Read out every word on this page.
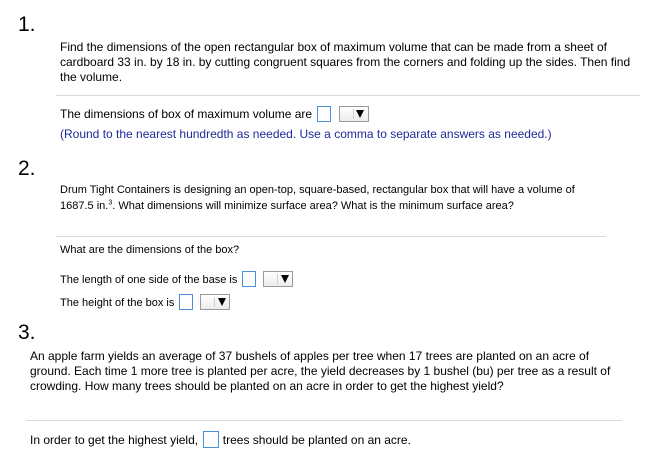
1.

Find the dimensions of the open rectangular box of maximum volume that can be made from a sheet of cardboard 33 in. by 18 in. by cutting congruent squares from the corners and folding up the sides. Then find the volume.

The dimensions of box of maximum volume are
(Round to the nearest hundredth as needed. Use a comma to separate answers as needed.)
2.

Drum Tight Containers is designing an open-top, square-based, rectangular box that will have a volume of 1687.5 in.$^3$. What dimensions will minimize surface area? What is the minimum surface area?

What are the dimensions of the box?
The length of one side of the base is
The height of the box is
3.

An apple farm yields an average of 37 bushels of apples per tree when 17 trees are planted on an acre of ground. Each time 1 more tree is planted per acre, the yield decreases by 1 bushel (bu) per tree as a result of crowding. How many trees should be planted on an acre in order to get the highest yield?

In order to get the highest yield, trees should be planted on an acre.
